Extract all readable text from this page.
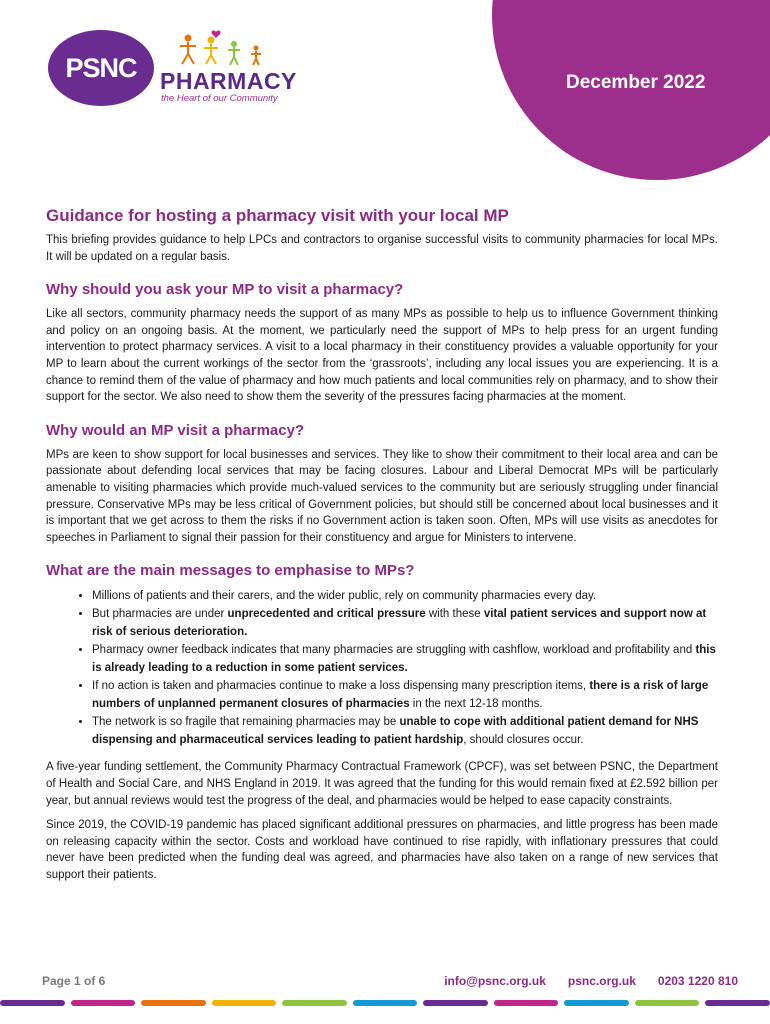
December 2022
PSNC PHARMACY
the Heart of our Community
Guidance for hosting a pharmacy visit with your local MP

This briefing provides guidance to help LPCs and contractors to organise successful visits to community pharmacies for local MPs. It will be updated on a regular basis.

Why should you ask your MP to visit a pharmacy?

Like all sectors, community pharmacy needs the support of as many MPs as possible to help us to influence Government thinking and policy on an ongoing basis. At the moment, we particularly need the support of MPs to help press for an urgent funding intervention to protect pharmacy services. A visit to a local pharmacy in their constituency provides a valuable opportunity for your MP to learn about the current workings of the sector from the ‘grassroots’, including any local issues you are experiencing. It is a chance to remind them of the value of pharmacy and how much patients and local communities rely on pharmacy, and to show their support for the sector. We also need to show them the severity of the pressures facing pharmacies at the moment.

Why would an MP visit a pharmacy?

MPs are keen to show support for local businesses and services. They like to show their commitment to their local area and can be passionate about defending local services that may be facing closures. Labour and Liberal Democrat MPs will be particularly amenable to visiting pharmacies which provide much-valued services to the community but are seriously struggling under financial pressure. Conservative MPs may be less critical of Government policies, but should still be concerned about local businesses and it is important that we get across to them the risks if no Government action is taken soon. Often, MPs will use visits as anecdotes for speeches in Parliament to signal their passion for their constituency and argue for Ministers to intervene.

What are the main messages to emphasise to MPs?
• Millions of patients and their carers, and the wider public, rely on community pharmacies every day.
• But pharmacies are under unprecedented and critical pressure with these vital patient services and support now at risk of serious deterioration.
• Pharmacy owner feedback indicates that many pharmacies are struggling with cashflow, workload and profitability and this is already leading to a reduction in some patient services.
• If no action is taken and pharmacies continue to make a loss dispensing many prescription items, there is a risk of large numbers of unplanned permanent closures of pharmacies in the next 12-18 months.
• The network is so fragile that remaining pharmacies may be unable to cope with additional patient demand for NHS dispensing and pharmaceutical services leading to patient hardship, should closures occur.

A five-year funding settlement, the Community Pharmacy Contractual Framework (CPCF), was set between PSNC, the Department of Health and Social Care, and NHS England in 2019. It was agreed that the funding for this would remain fixed at £2.592 billion per year, but annual reviews would test the progress of the deal, and pharmacies would be helped to ease capacity constraints.

Since 2019, the COVID-19 pandemic has placed significant additional pressures on pharmacies, and little progress has been made on releasing capacity within the sector. Costs and workload have continued to rise rapidly, with inflationary pressures that could never have been predicted when the funding deal was agreed, and pharmacies have also taken on a range of new services that support their patients.

Page 1 of 6	info@psnc.org.uk psnc.org.uk 0203 1220 810
